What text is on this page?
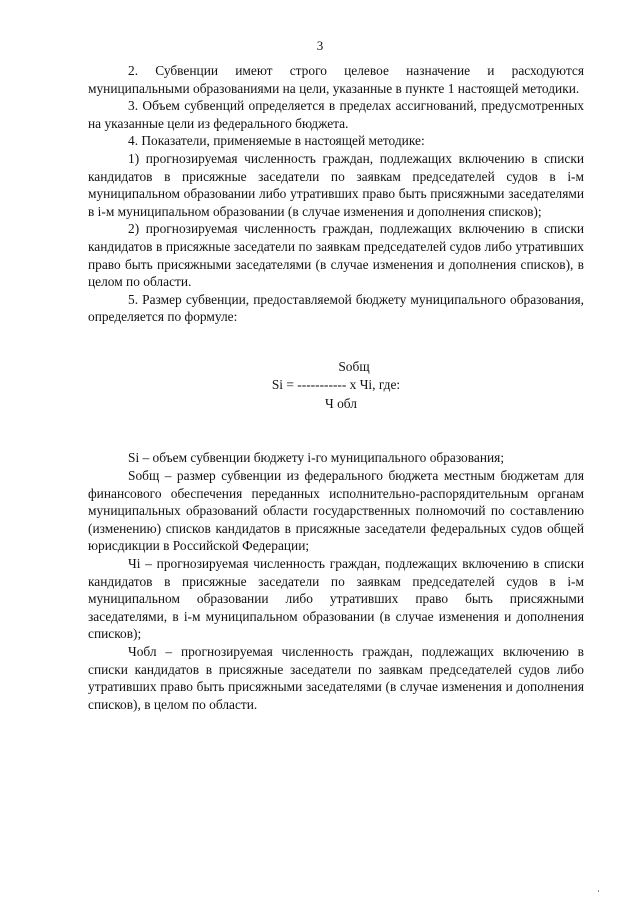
3

2. Субвенции имеют строго целевое назначение и расходуются муниципальными образованиями на цели, указанные в пункте 1 настоящей методики.

3. Объем субвенций определяется в пределах ассигнований, предусмотренных на указанные цели из федерального бюджета.

4. Показатели, применяемые в настоящей методике:

1) прогнозируемая численность граждан, подлежащих включению в списки кандидатов в присяжные заседатели по заявкам председателей судов в i-м муниципальном образовании либо утративших право быть присяжными заседателями в i-м муниципальном образовании (в случае изменения и дополнения списков);

2) прогнозируемая численность граждан, подлежащих включению в списки кандидатов в присяжные заседатели по заявкам председателей судов либо утративших право быть присяжными заседателями (в случае изменения и дополнения списков), в целом по области.

5. Размер субвенции, предоставляемой бюджету муниципального образования, определяется по формуле:

Sобщ
Si = ----------- х Чi, где:
Ч обл

Si – объем субвенции бюджету i-го муниципального образования;

Sобщ – размер субвенции из федерального бюджета местным бюджетам для финансового обеспечения переданных исполнительно-распорядительным органам муниципальных образований области государственных полномочий по составлению (изменению) списков кандидатов в присяжные заседатели федеральных судов общей юрисдикции в Российской Федерации;

Чi – прогнозируемая численность граждан, подлежащих включению в списки кандидатов в присяжные заседатели по заявкам председателей судов в i-м муниципальном образовании либо утративших право быть присяжными заседателями, в i-м муниципальном образовании (в случае изменения и дополнения списков);

Чобл – прогнозируемая численность граждан, подлежащих включению в списки кандидатов в присяжные заседатели по заявкам председателей судов либо утративших право быть присяжными заседателями (в случае изменения и дополнения списков), в целом по области.
